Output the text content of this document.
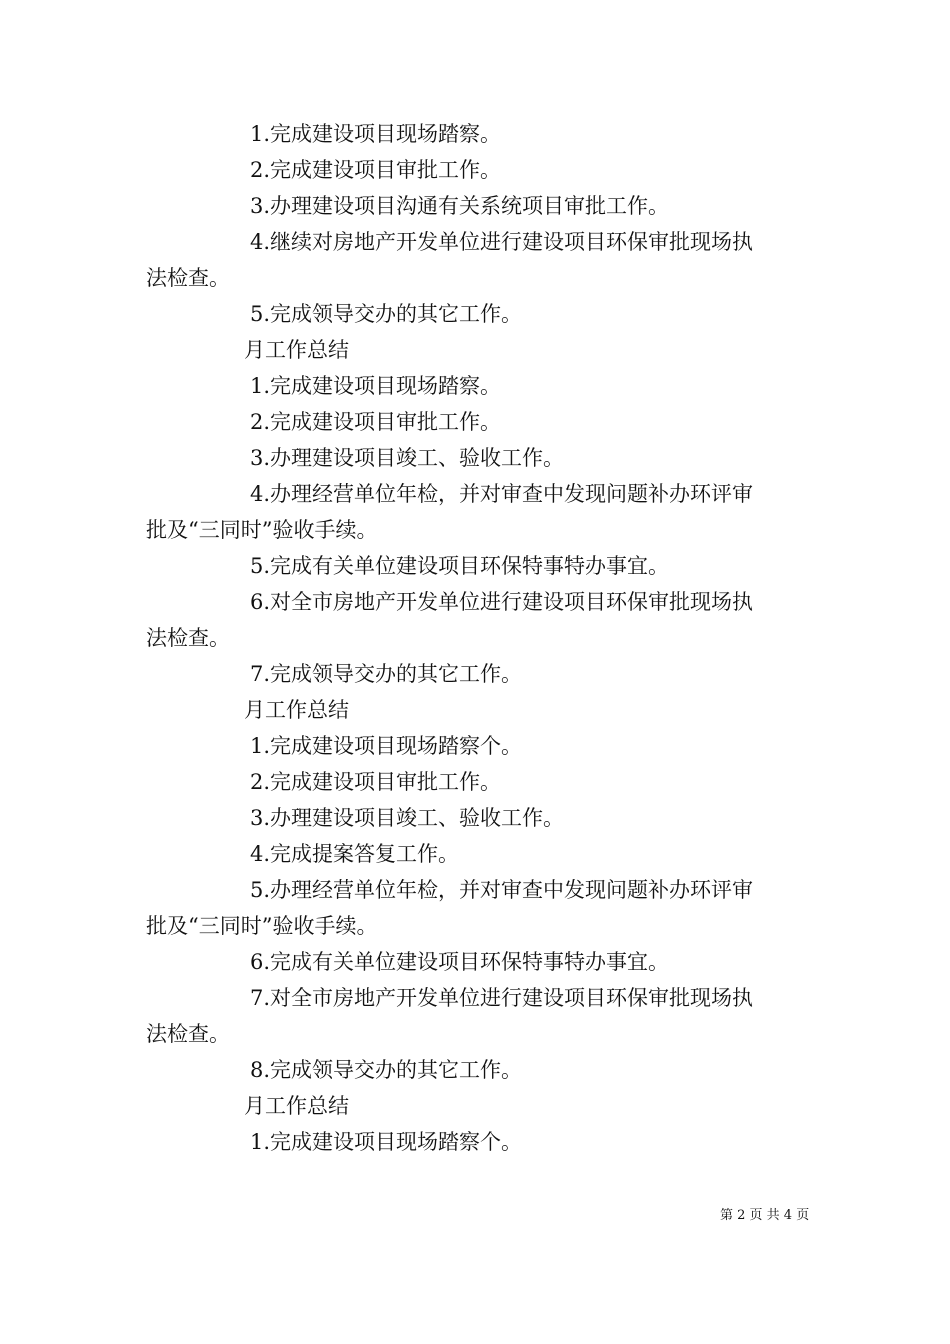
1.完成建设项目现场踏察。
2.完成建设项目审批工作。
3.办理建设项目沟通有关系统项目审批工作。
4.继续对房地产开发单位进行建设项目环保审批现场执
法检查。
5.完成领导交办的其它工作。
月工作总结
1.完成建设项目现场踏察。
2.完成建设项目审批工作。
3.办理建设项目竣工、验收工作。
4.办理经营单位年检，并对审查中发现问题补办环评审
批及“三同时”验收手续。
5.完成有关单位建设项目环保特事特办事宜。
6.对全市房地产开发单位进行建设项目环保审批现场执
法检查。
7.完成领导交办的其它工作。
月工作总结
1.完成建设项目现场踏察个。
2.完成建设项目审批工作。
3.办理建设项目竣工、验收工作。
4.完成提案答复工作。
5.办理经营单位年检，并对审查中发现问题补办环评审
批及“三同时”验收手续。
6.完成有关单位建设项目环保特事特办事宜。
7.对全市房地产开发单位进行建设项目环保审批现场执
法检查。
8.完成领导交办的其它工作。
月工作总结
1.完成建设项目现场踏察个。
第 2 页 共 4 页
